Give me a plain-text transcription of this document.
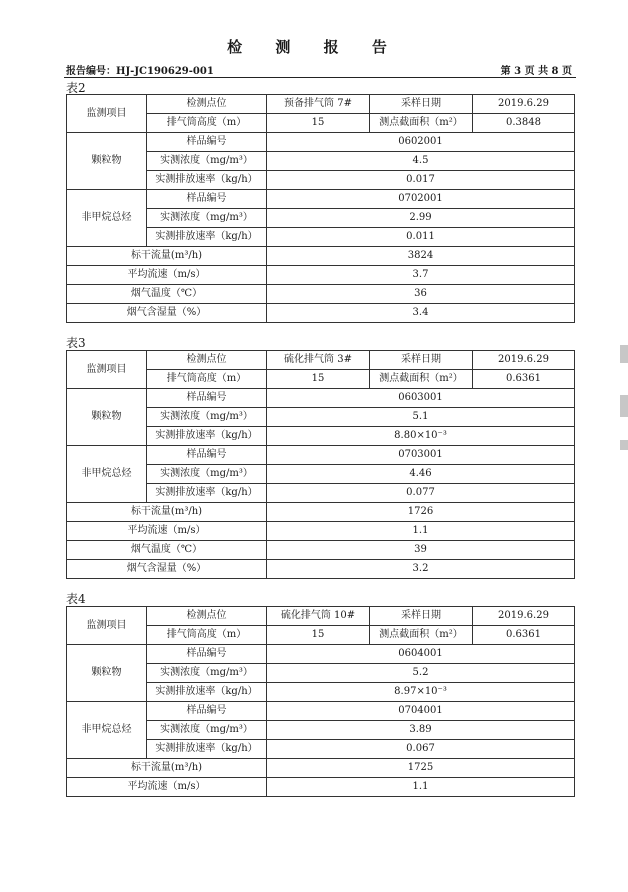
检 测 报 告
报告编号：HJ-JC190629-001	第 3 页 共 8 页
表2
监测项目	检测点位	预备排气筒 7#	采样日期	2019.6.29
	排气筒高度（m）	15	测点截面积（m²）	0.3848
颗粒物	样品编号	0602001		
	实测浓度（mg/m³）	4.5		
	实测排放速率（kg/h）	0.017		
非甲烷总烃	样品编号	0702001		
	实测浓度（mg/m³）	2.99		
	实测排放速率（kg/h）	0.011		
标干流量(m³/h)		3824		
平均流速（m/s）		3.7		
烟气温度（℃）		36		
烟气含湿量（%）		3.4		
表3
监测项目	检测点位	硫化排气筒 3#	采样日期	2019.6.29
	排气筒高度（m）	15	测点截面积（m²）	0.6361
颗粒物	样品编号	0603001		
	实测浓度（mg/m³）	5.1		
	实测排放速率（kg/h）	8.80×10⁻³		
非甲烷总烃	样品编号	0703001		
	实测浓度（mg/m³）	4.46		
	实测排放速率（kg/h）	0.077		
标干流量(m³/h)		1726		
平均流速（m/s）		1.1		
烟气温度（℃）		39		
烟气含湿量（%）		3.2		
表4
监测项目	检测点位	硫化排气筒 10#	采样日期	2019.6.29
	排气筒高度（m）	15	测点截面积（m²）	0.6361
颗粒物	样品编号	0604001		
	实测浓度（mg/m³）	5.2		
	实测排放速率（kg/h）	8.97×10⁻³		
非甲烷总烃	样品编号	0704001		
	实测浓度（mg/m³）	3.89		
	实测排放速率（kg/h）	0.067		
标干流量(m³/h)		1725		
平均流速（m/s）		1.1		
